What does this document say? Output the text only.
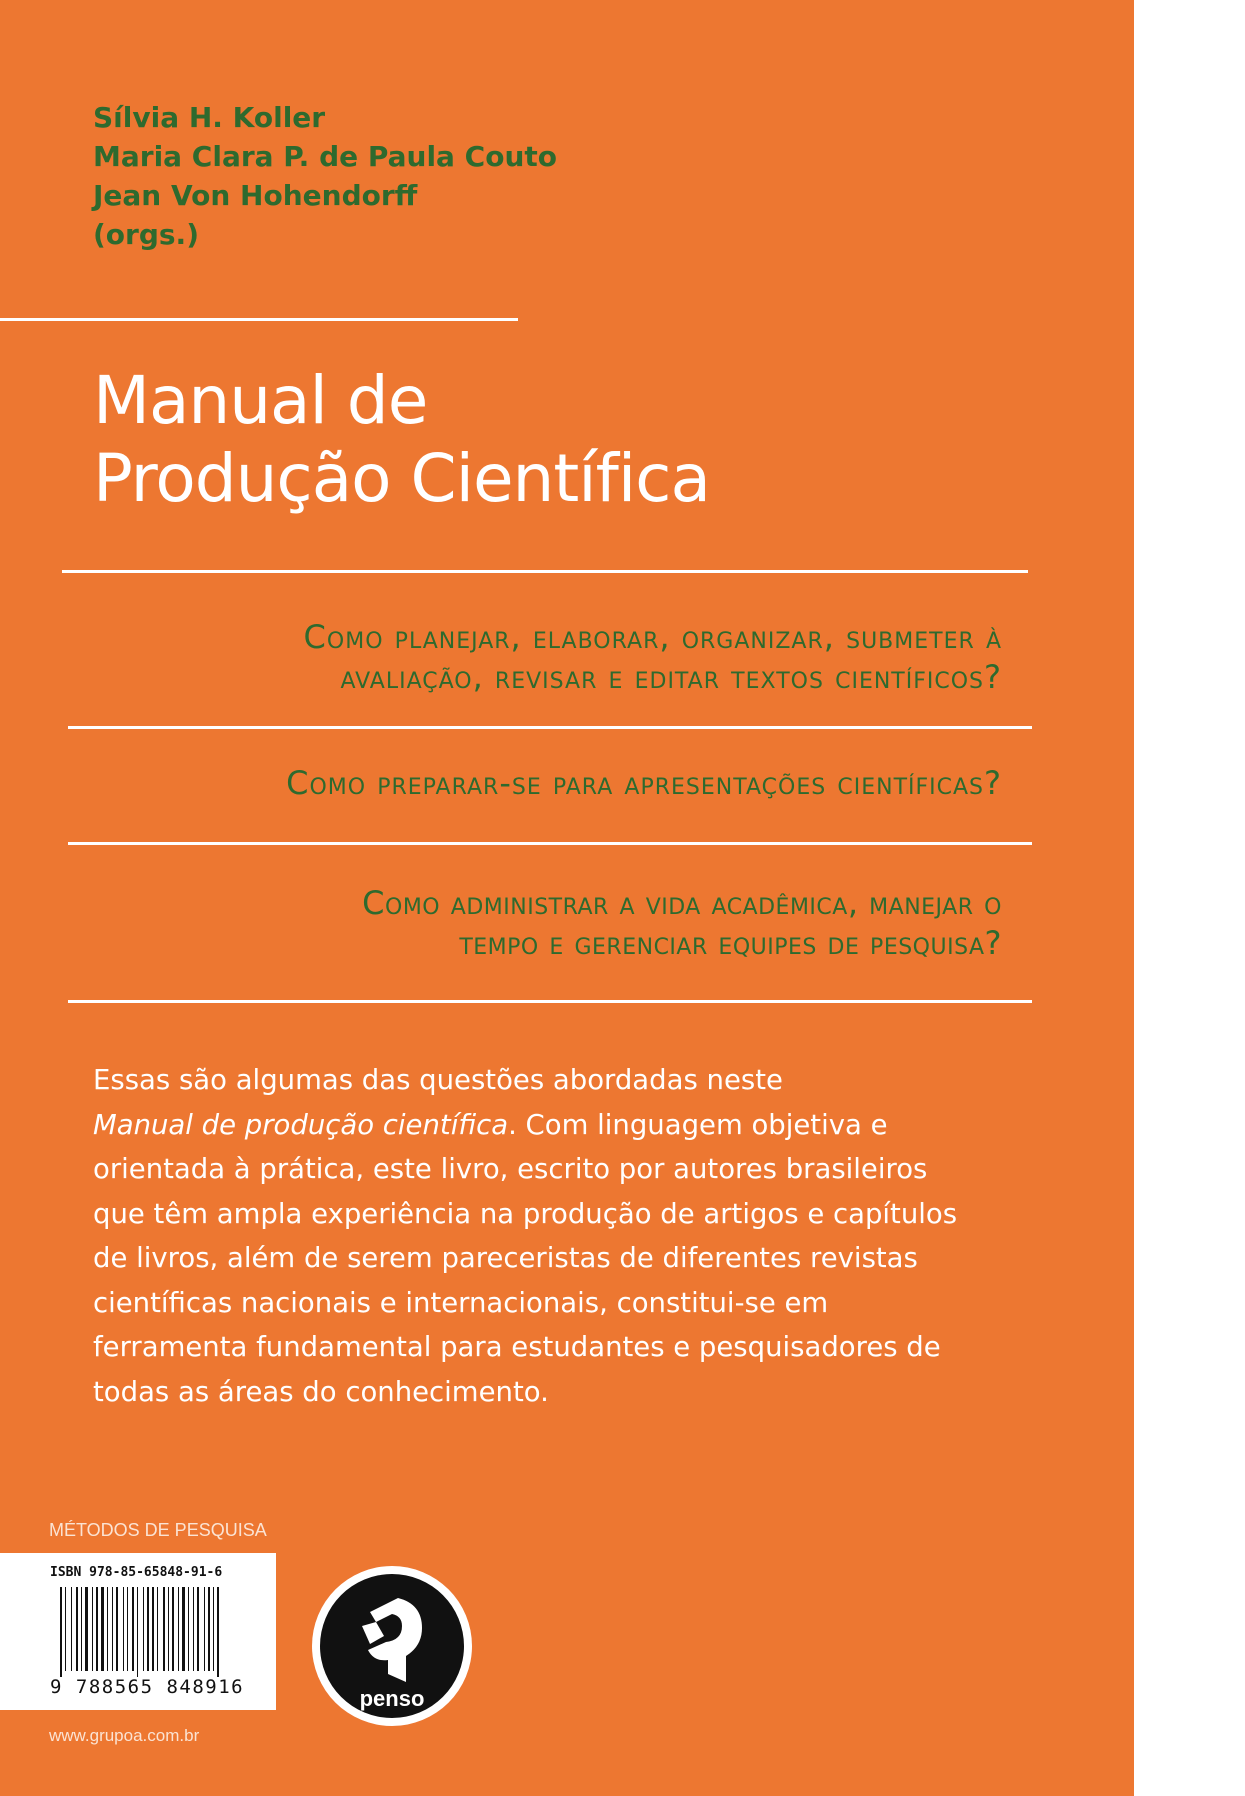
Sílvia H. Koller
Maria Clara P. de Paula Couto
Jean Von Hohendorff
(orgs.)
Manual de
Produção Científica
Como planejar, elaborar, organizar, submeter à
avaliação, revisar e editar textos científicos?
Como preparar-se para apresentações científicas?
Como administrar a vida acadêmica, manejar o
tempo e gerenciar equipes de pesquisa?
Essas são algumas das questões abordadas neste
Manual de produção científica. Com linguagem objetiva e orientada à prática, este livro, escrito por autores brasileiros que têm ampla experiência na produção de artigos e capítulos de livros, além de serem pareceristas de diferentes revistas científicas nacionais e internacionais, constitui-se em ferramenta fundamental para estudantes e pesquisadores de todas as áreas do conhecimento.
MÉTODOS DE PESQUISA
ISBN 978-85-65848-91-6
9 788565 848916	penso
www.grupoa.com.br
